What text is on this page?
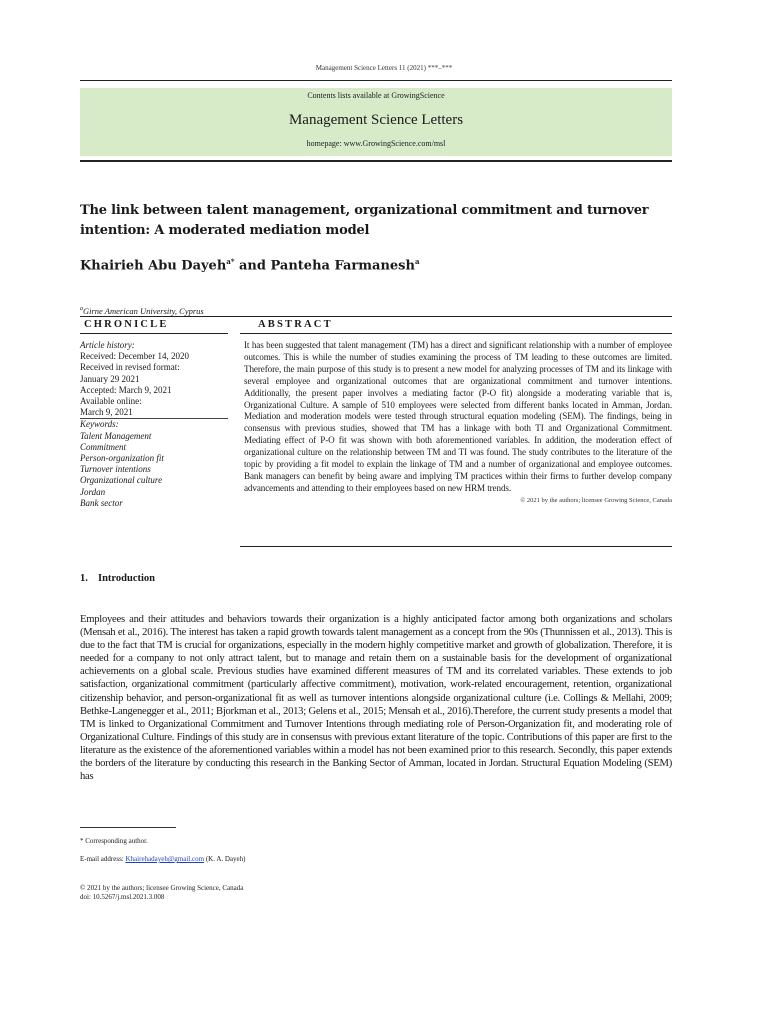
Management Science Letters 11 (2021) ***–***
Contents lists available at GrowingScience
Management Science Letters
homepage: www.GrowingScience.com/msl
The link between talent management, organizational commitment and turnover intention: A moderated mediation model
Khairieh Abu Dayeh$^{a*}$ and Panteha Farmanesh$^a$
$^a$Girne American University, Cyprus
CHRONICLE	ABSTRACT
Article history:
Received: December 14, 2020
Received in revised format:
January 29 2021
Accepted: March 9, 2021
Available online:
March 9, 2021
Keywords:
Talent Management
Commitment
Person-organization fit
Turnover intentions
Organizational culture
Jordan
Bank sector
It has been suggested that talent management (TM) has a direct and significant relationship with a number of employee outcomes. This is while the number of studies examining the process of TM leading to these outcomes are limited. Therefore, the main purpose of this study is to present a new model for analyzing processes of TM and its linkage with several employee and organizational outcomes that are organizational commitment and turnover intentions. Additionally, the present paper involves a mediating factor (P-O fit) alongside a moderating variable that is, Organizational Culture. A sample of 510 employees were selected from different banks located in Amman, Jordan. Mediation and moderation models were tested through structural equation modeling (SEM). The findings, being in consensus with previous studies, showed that TM has a linkage with both TI and Organizational Commitment. Mediating effect of P-O fit was shown with both aforementioned variables. In addition, the moderation effect of organizational culture on the relationship between TM and TI was found. The study contributes to the literature of the topic by providing a fit model to explain the linkage of TM and a number of organizational and employee outcomes. Bank managers can benefit by being aware and implying TM practices within their firms to further develop company advancements and attending to their employees based on new HRM trends.
© 2021 by the authors; licensee Growing Science, Canada
1. Introduction
Employees and their attitudes and behaviors towards their organization is a highly anticipated factor among both organizations and scholars (Mensah et al., 2016). The interest has taken a rapid growth towards talent management as a concept from the 90s (Thunnissen et al., 2013). This is due to the fact that TM is crucial for organizations, especially in the modern highly competitive market and growth of globalization. Therefore, it is needed for a company to not only attract talent, but to manage and retain them on a sustainable basis for the development of organizational achievements on a global scale. Previous studies have examined different measures of TM and its correlated variables. These extends to job satisfaction, organizational commitment (particularly affective commitment), motivation, work-related encouragement, retention, organizational citizenship behavior, and person-organizational fit as well as turnover intentions alongside organizational culture (i.e. Collings & Mellahi, 2009; Bethke-Langenegger et al., 2011; Bjorkman et al., 2013; Gelens et al., 2015; Mensah et al., 2016).Therefore, the current study presents a model that TM is linked to Organizational Commitment and Turnover Intentions through mediating role of Person-Organization fit, and moderating role of Organizational Culture. Findings of this study are in consensus with previous extant literature of the topic. Contributions of this paper are first to the literature as the existence of the aforementioned variables within a model has not been examined prior to this research. Secondly, this paper extends the borders of the literature by conducting this research in the Banking Sector of Amman, located in Jordan. Structural Equation Modeling (SEM) has
* Corresponding author.
E-mail address: Khairehadayeh@gmail.com (K. A. Dayeh)
© 2021 by the authors; licensee Growing Science, Canada
doi: 10.5267/j.msl.2021.3.008
